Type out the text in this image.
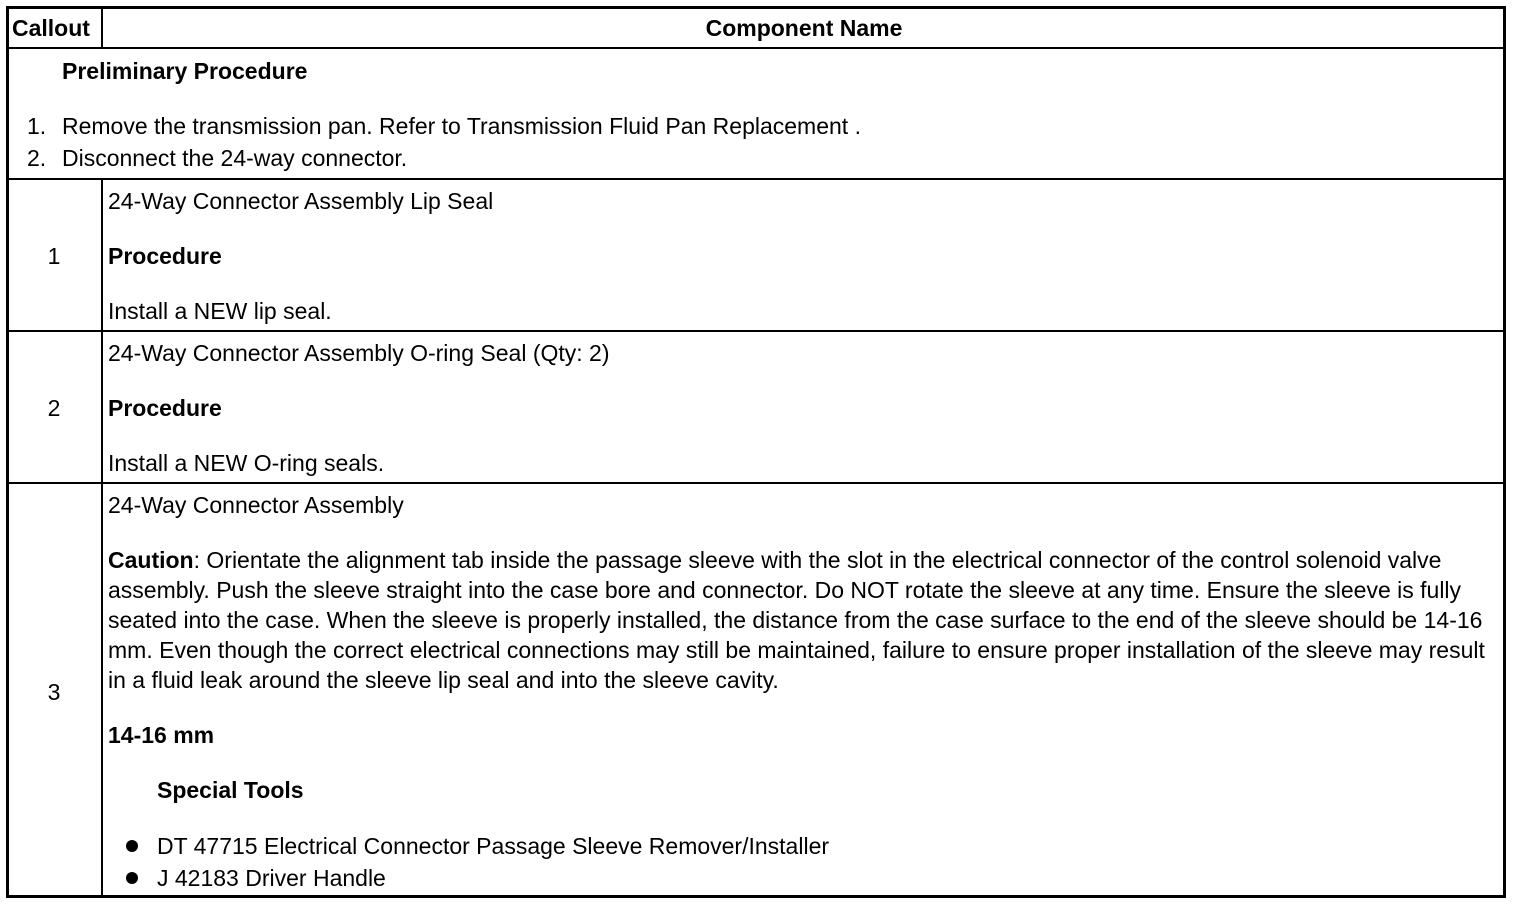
Callout	Component Name
Preliminary Procedure
1. Remove the transmission pan. Refer to Transmission Fluid Pan Replacement .
2. Disconnect the 24-way connector.
1
24-Way Connector Assembly Lip Seal
Procedure
Install a NEW lip seal.
2
24-Way Connector Assembly O-ring Seal (Qty: 2)
Procedure
Install a NEW O-ring seals.
3
24-Way Connector Assembly
Caution: Orientate the alignment tab inside the passage sleeve with the slot in the electrical connector of the control solenoid valve assembly. Push the sleeve straight into the case bore and connector. Do NOT rotate the sleeve at any time. Ensure the sleeve is fully seated into the case. When the sleeve is properly installed, the distance from the case surface to the end of the sleeve should be 14-16 mm. Even though the correct electrical connections may still be maintained, failure to ensure proper installation of the sleeve may result in a fluid leak around the sleeve lip seal and into the sleeve cavity.
14-16 mm
Special Tools
DT 47715 Electrical Connector Passage Sleeve Remover/Installer
J 42183 Driver Handle
